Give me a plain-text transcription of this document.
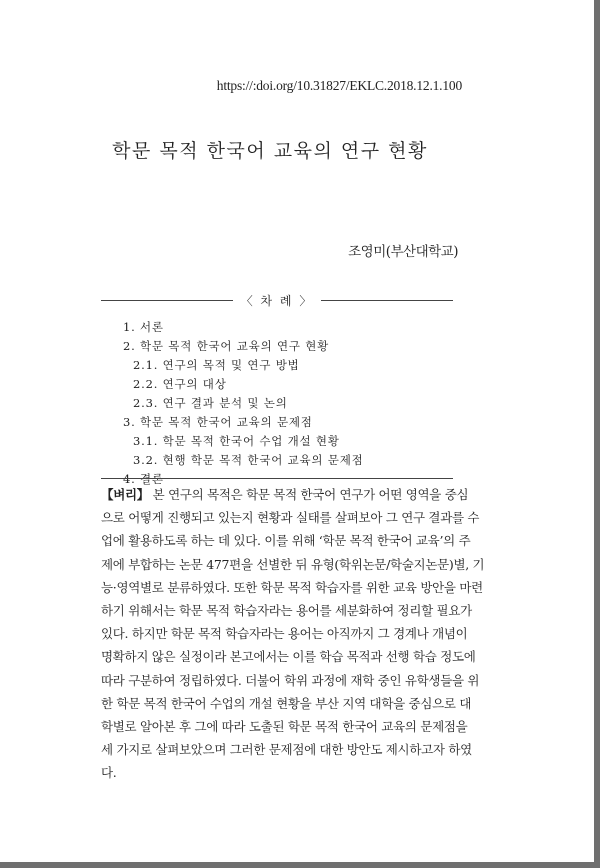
https://:doi.org/10.31827/EKLC.2018.12.1.100
학문 목적 한국어 교육의 연구 현황
조영미(부산대학교)
〈 차 례 〉
1. 서론
2. 학문 목적 한국어 교육의 연구 현황
2.1. 연구의 목적 및 연구 방법
2.2. 연구의 대상
2.3. 연구 결과 분석 및 논의
3. 학문 목적 한국어 교육의 문제점
3.1. 학문 목적 한국어 수업 개설 현황
3.2. 현행 학문 목적 한국어 교육의 문제점
4. 결론
【벼리】 본 연구의 목적은 학문 목적 한국어 연구가 어떤 영역을 중심
으로 어떻게 진행되고 있는지 현황과 실태를 살펴보아 그 연구 결과를 수
업에 활용하도록 하는 데 있다. 이를 위해 ‘학문 목적 한국어 교육’의 주
제에 부합하는 논문 477편을 선별한 뒤 유형(학위논문/학술지논문)별, 기
능·영역별로 분류하였다. 또한 학문 목적 학습자를 위한 교육 방안을 마련
하기 위해서는 학문 목적 학습자라는 용어를 세분화하여 정리할 필요가
있다. 하지만 학문 목적 학습자라는 용어는 아직까지 그 경계나 개념이
명확하지 않은 실정이라 본고에서는 이를 학습 목적과 선행 학습 정도에
따라 구분하여 정립하였다. 더불어 학위 과정에 재학 중인 유학생들을 위
한 학문 목적 한국어 수업의 개설 현황을 부산 지역 대학을 중심으로 대
학별로 알아본 후 그에 따라 도출된 학문 목적 한국어 교육의 문제점을
세 가지로 살펴보았으며 그러한 문제점에 대한 방안도 제시하고자 하였
다.
